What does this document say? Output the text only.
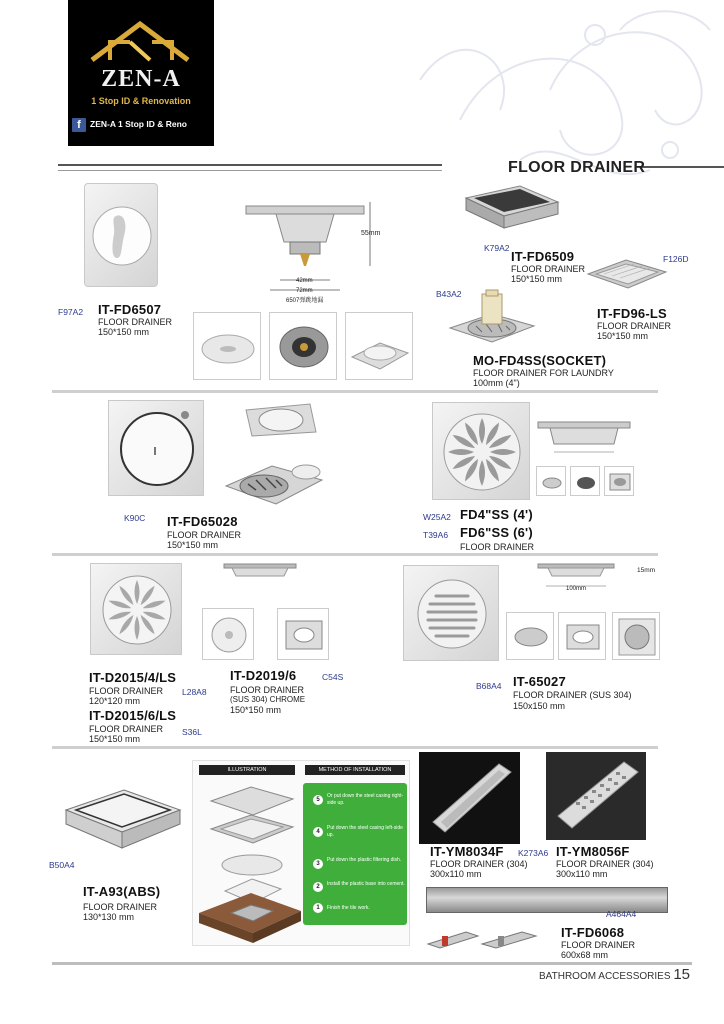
ZEN-A
1 Stop ID & Renovation
f	ZEN-A 1 Stop ID & Reno
FLOOR DRAINER
55mm
42mm
72mm
6507弹跳地漏
F97A2 IT-FD6507
FLOOR DRAINER
150*150 mm
K79A2
IT-FD6509
FLOOR DRAINER
150*150 mm
F126D
IT-FD96-LS
FLOOR DRAINER
150*150 mm
B43A2
MO-FD4SS(SOCKET)
FLOOR DRAINER FOR LAUNDRY
100mm (4")
K90C IT-FD65028
FLOOR DRAINER
150*150 mm
W25A2 FD4"SS (4')
T39A6 FD6"SS (6')
FLOOR DRAINER
IT-D2015/4/LS
FLOOR DRAINER L28A8
120*120 mm
IT-D2015/6/LS
FLOOR DRAINER S36L
150*150 mm
IT-D2019/6	C54S
FLOOR DRAINER
(SUS 304) CHROME
150*150 mm
15mm
100mm
B68A4 IT-65027
FLOOR DRAINER (SUS 304)
150x150 mm
B50A4
IT-A93(ABS)
FLOOR DRAINER
130*130 mm
ILLUSTRATION	METHOD OF INSTALLATION
5
Or put down the steel casing right-side up.
4
Put down the steel casing left-side up.
3
Put down the plastic filtering dish.
2	Install the plastic base into cement.
1	Finish the tile work.
IT-YM8034F K273A6
FLOOR DRAINER (304)
300x110 mm
IT-YM8056F
FLOOR DRAINER (304)
300x110 mm
A464A4
IT-FD6068
FLOOR DRAINER
600x68 mm
BATHROOM ACCESSORIES 15
